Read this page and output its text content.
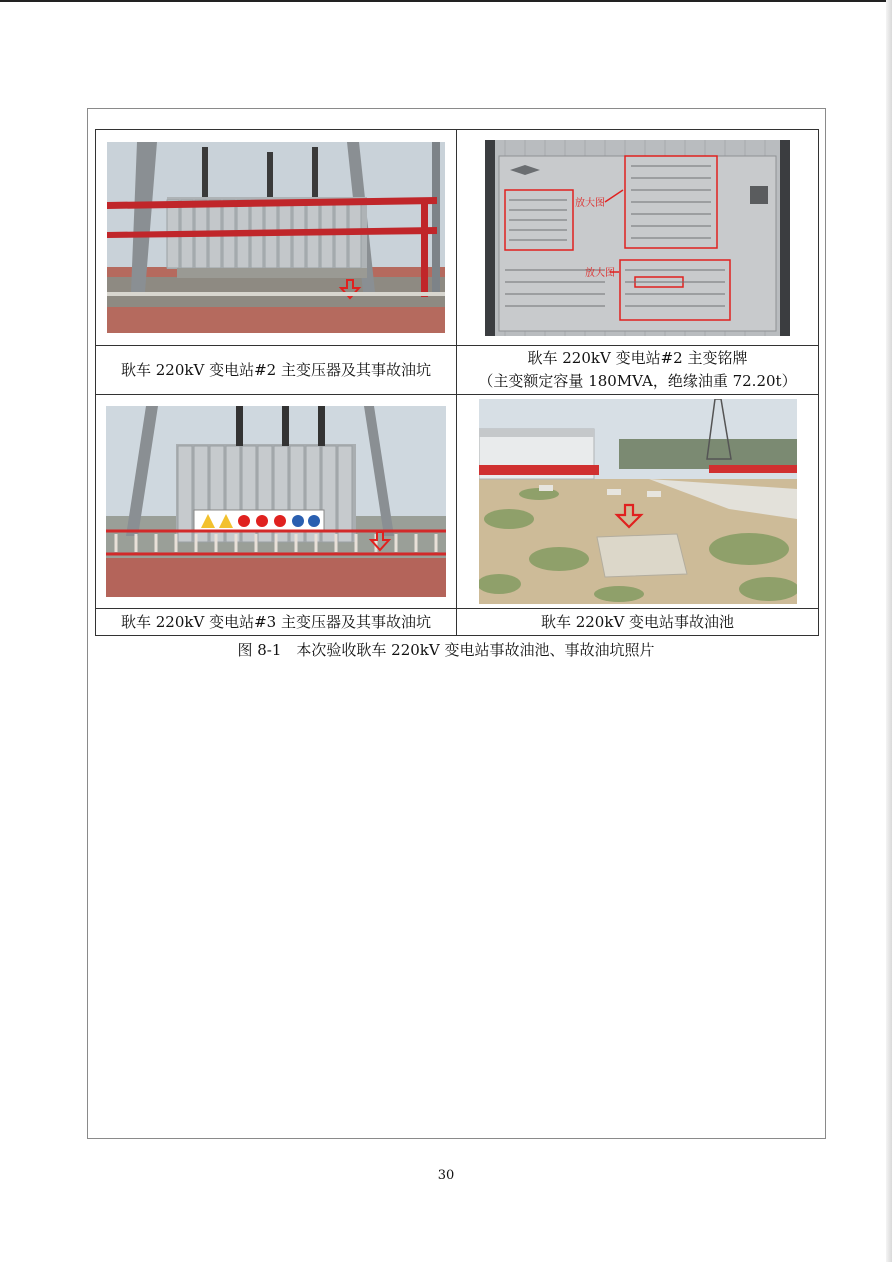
放大图
放大图

耿车 220kV 变电站#2 主变压器及其事故油坑	耿车 220kV 变电站#2 主变铭牌
（主变额定容量 180MVA，绝缘油重 72.20t）

耿车 220kV 变电站#3 主变压器及其事故油坑	耿车 220kV 变电站事故油池
图 8-1　本次验收耿车 220kV 变电站事故油池、事故油坑照片
30
